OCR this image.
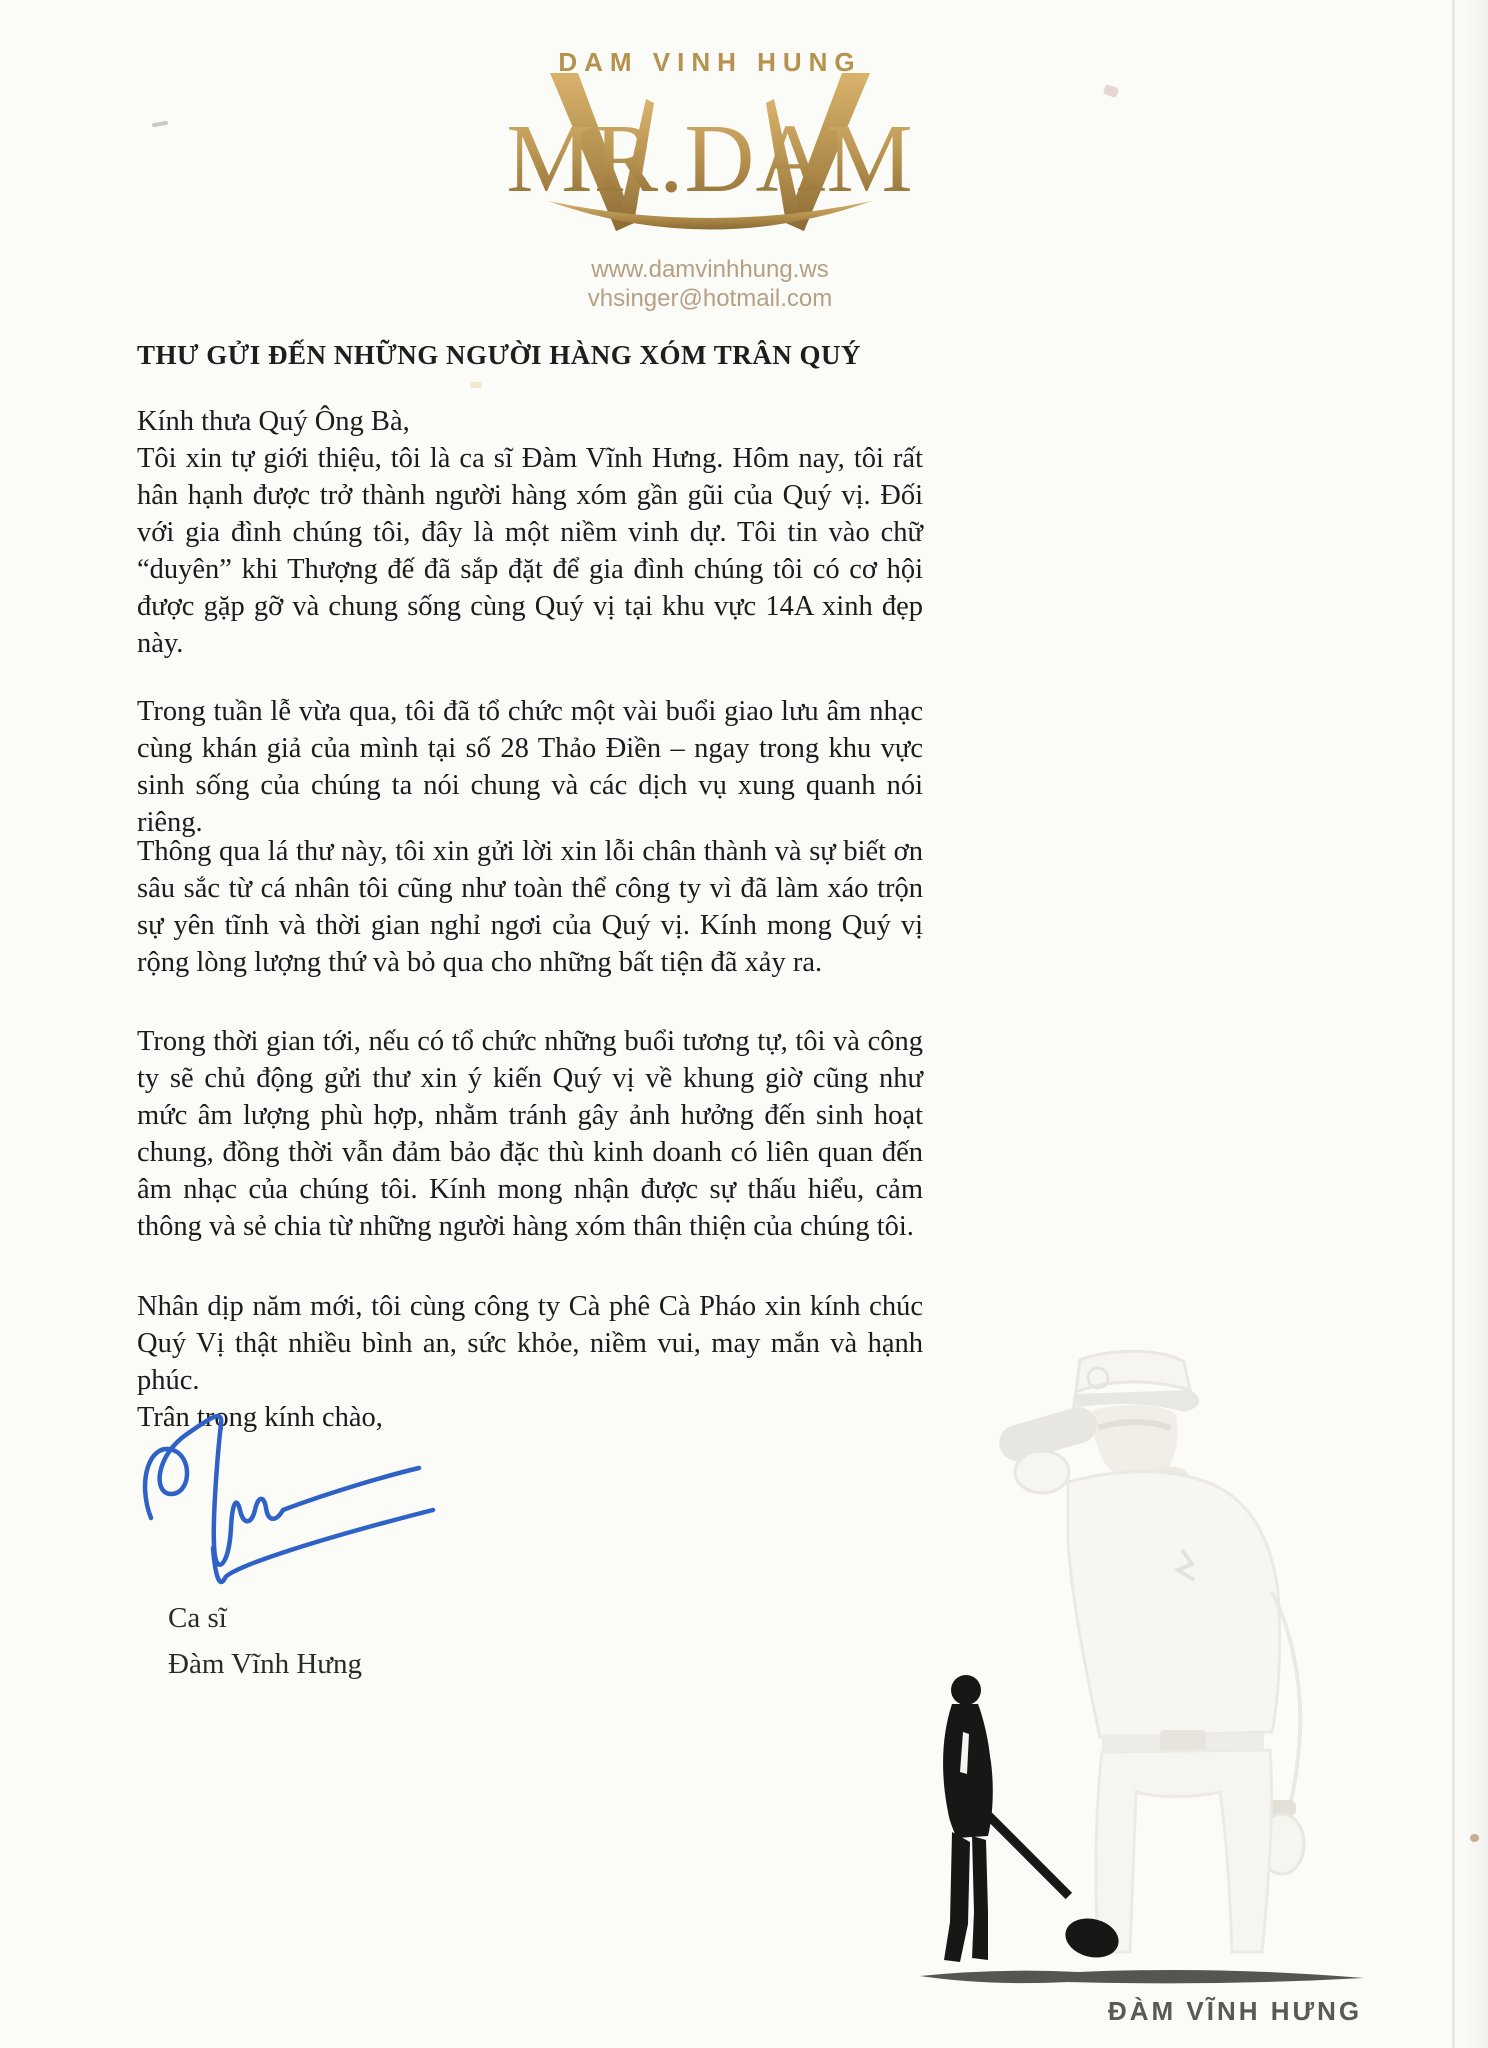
DAM VINH HUNG
MR.DAM
www.damvinhhung.ws
vhsinger@hotmail.com
THƯ GỬI ĐẾN NHỮNG NGƯỜI HÀNG XÓM TRÂN QUÝ

Kính thưa Quý Ông Bà,

Tôi xin tự giới thiệu, tôi là ca sĩ Đàm Vĩnh Hưng. Hôm nay, tôi rất hân hạnh được trở thành người hàng xóm gần gũi của Quý vị. Đối với gia đình chúng tôi, đây là một niềm vinh dự. Tôi tin vào chữ “duyên” khi Thượng đế đã sắp đặt để gia đình chúng tôi có cơ hội được gặp gỡ và chung sống cùng Quý vị tại khu vực 14A xinh đẹp này.

Trong tuần lễ vừa qua, tôi đã tổ chức một vài buổi giao lưu âm nhạc cùng khán giả của mình tại số 28 Thảo Điền – ngay trong khu vực sinh sống của chúng ta nói chung và các dịch vụ xung quanh nói riêng.

Thông qua lá thư này, tôi xin gửi lời xin lỗi chân thành và sự biết ơn sâu sắc từ cá nhân tôi cũng như toàn thể công ty vì đã làm xáo trộn sự yên tĩnh và thời gian nghỉ ngơi của Quý vị. Kính mong Quý vị rộng lòng lượng thứ và bỏ qua cho những bất tiện đã xảy ra.

Trong thời gian tới, nếu có tổ chức những buổi tương tự, tôi và công ty sẽ chủ động gửi thư xin ý kiến Quý vị về khung giờ cũng như mức âm lượng phù hợp, nhằm tránh gây ảnh hưởng đến sinh hoạt chung, đồng thời vẫn đảm bảo đặc thù kinh doanh có liên quan đến âm nhạc của chúng tôi. Kính mong nhận được sự thấu hiểu, cảm thông và sẻ chia từ những người hàng xóm thân thiện của chúng tôi.

Nhân dịp năm mới, tôi cùng công ty Cà phê Cà Pháo xin kính chúc Quý Vị thật nhiều bình an, sức khỏe, niềm vui, may mắn và hạnh phúc.

Trân trọng kính chào,

Ca sĩ
Đàm Vĩnh Hưng
ĐÀM VĨNH HƯNG
